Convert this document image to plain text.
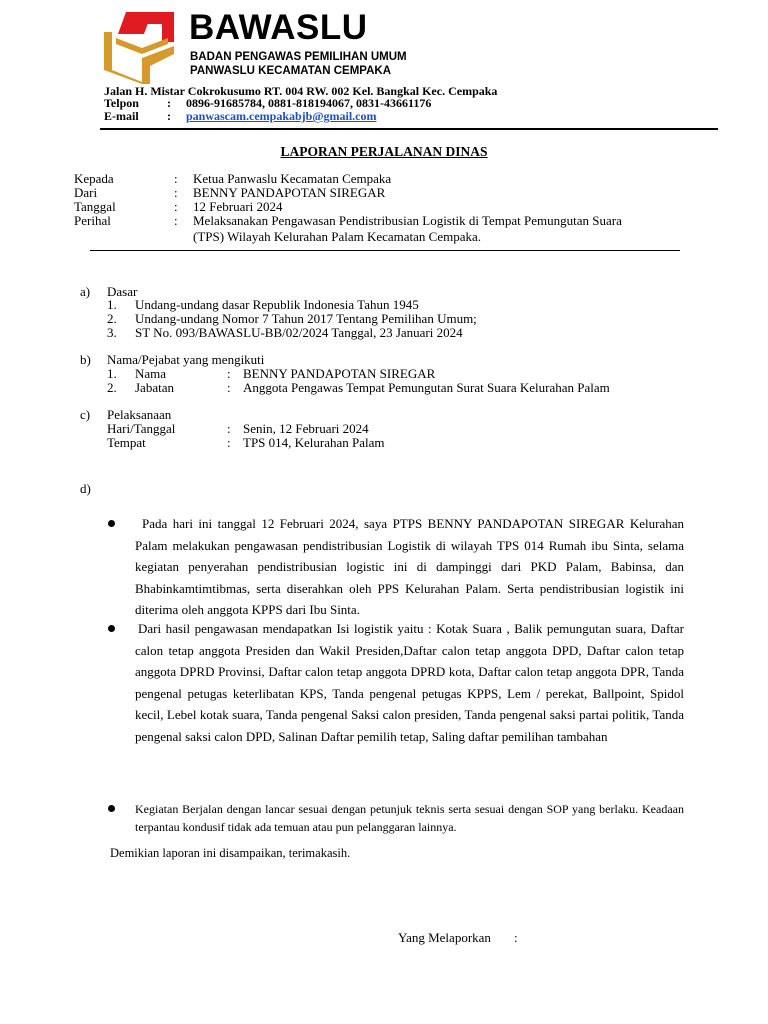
BAWASLU
BADAN PENGAWAS PEMILIHAN UMUM
PANWASLU KECAMATAN CEMPAKA
Jalan H. Mistar Cokrokusumo RT. 004 RW. 002 Kel. Bangkal Kec. Cempaka
Telpon : 0896-91685784, 0881-818194067, 0831-43661176
E-mail : panwascam.cempakabjb@gmail.com
LAPORAN PERJALANAN DINAS
Kepada	: Ketua Panwaslu Kecamatan Cempaka
Dari	: BENNY PANDAPOTAN SIREGAR
Tanggal	: 12 Februari 2024
Perihal	: Melaksanakan Pengawasan Pendistribusian Logistik di Tempat Pemungutan Suara
(TPS) Wilayah Kelurahan Palam Kecamatan Cempaka.
a) Dasar
1. Undang-undang dasar Republik Indonesia Tahun 1945
2. Undang-undang Nomor 7 Tahun 2017 Tentang Pemilihan Umum;
3. ST No. 093/BAWASLU-BB/02/2024 Tanggal, 23 Januari 2024
b) Nama/Pejabat yang mengikuti
1. Nama	: BENNY PANDAPOTAN SIREGAR
2. Jabatan	: Anggota Pengawas Tempat Pemungutan Surat Suara Kelurahan Palam
c) Pelaksanaan
Hari/Tanggal	: Senin, 12 Februari 2024
Tempat	: TPS 014, Kelurahan Palam
d)
Pada hari ini tanggal 12 Februari 2024, saya PTPS BENNY PANDAPOTAN SIREGAR Kelurahan Palam melakukan pengawasan pendistribusian Logistik di wilayah TPS 014 Rumah ibu Sinta, selama kegiatan penyerahan pendistribusian logistic ini di dampinggi dari PKD Palam, Babinsa, dan Bhabinkamtimtibmas, serta diserahkan oleh PPS Kelurahan Palam. Serta pendistribusian logistik ini diterima oleh anggota KPPS dari Ibu Sinta.
Dari hasil pengawasan mendapatkan Isi logistik yaitu : Kotak Suara , Balik pemungutan suara, Daftar calon tetap anggota Presiden dan Wakil Presiden,Daftar calon tetap anggota DPD, Daftar calon tetap anggota DPRD Provinsi, Daftar calon tetap anggota DPRD kota, Daftar calon tetap anggota DPR, Tanda pengenal petugas keterlibatan KPS, Tanda pengenal petugas KPPS, Lem / perekat, Ballpoint, Spidol kecil, Lebel kotak suara, Tanda pengenal Saksi calon presiden, Tanda pengenal saksi partai politik, Tanda pengenal saksi calon DPD, Salinan Daftar pemilih tetap, Saling daftar pemilihan tambahan
Kegiatan Berjalan dengan lancar sesuai dengan petunjuk teknis serta sesuai dengan SOP yang berlaku. Keadaan terpantau kondusif tidak ada temuan atau pun pelanggaran lainnya.
Demikian laporan ini disampaikan, terimakasih.
Yang Melaporkan :
